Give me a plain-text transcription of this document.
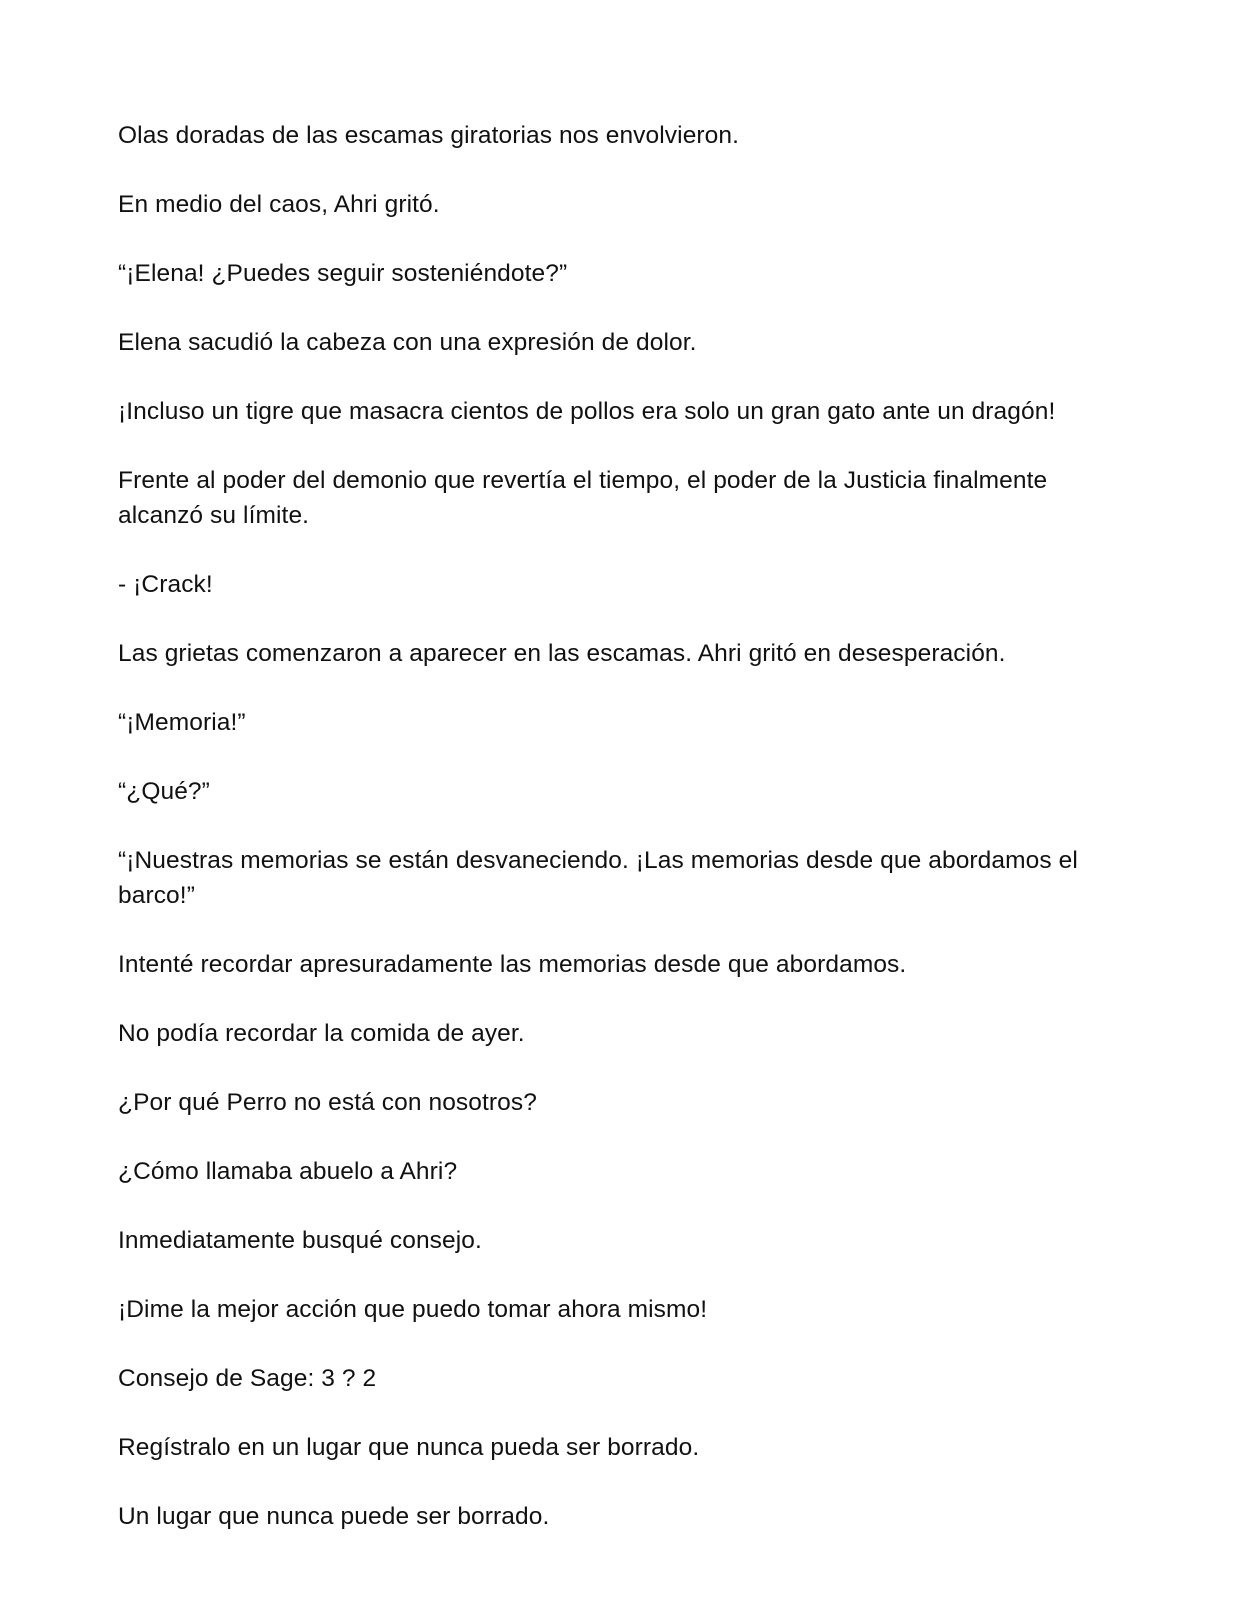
Olas doradas de las escamas giratorias nos envolvieron.

En medio del caos, Ahri gritó.

“¡Elena! ¿Puedes seguir sosteniéndote?”

Elena sacudió la cabeza con una expresión de dolor.

¡Incluso un tigre que masacra cientos de pollos era solo un gran gato ante un dragón!

Frente al poder del demonio que revertía el tiempo, el poder de la Justicia finalmente alcanzó su límite.

- ¡Crack!

Las grietas comenzaron a aparecer en las escamas. Ahri gritó en desesperación.

“¡Memoria!”

“¿Qué?”

“¡Nuestras memorias se están desvaneciendo. ¡Las memorias desde que abordamos el barco!”

Intenté recordar apresuradamente las memorias desde que abordamos.

No podía recordar la comida de ayer.

¿Por qué Perro no está con nosotros?

¿Cómo llamaba abuelo a Ahri?

Inmediatamente busqué consejo.

¡Dime la mejor acción que puedo tomar ahora mismo!

Consejo de Sage: 3 ? 2

Regístralo en un lugar que nunca pueda ser borrado.

Un lugar que nunca puede ser borrado.
